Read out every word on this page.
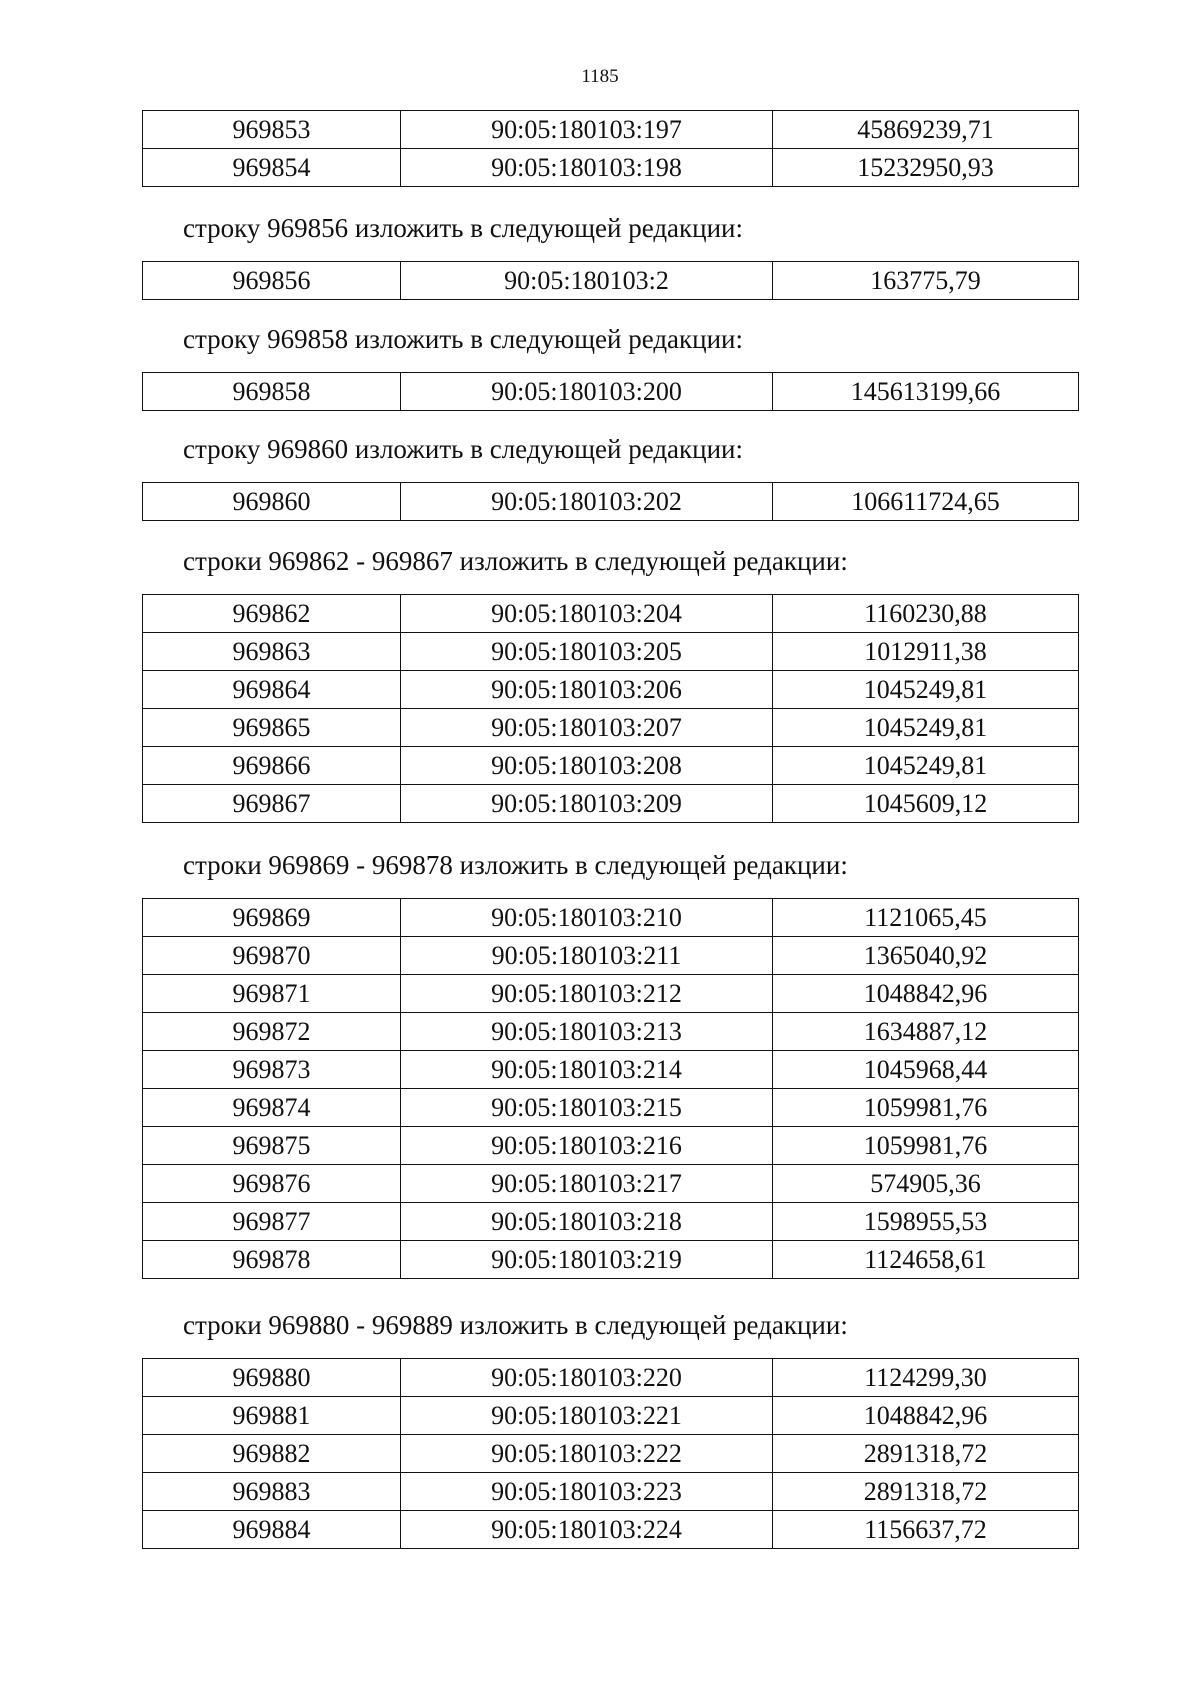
1185
969853	90:05:180103:197	45869239,71
969854	90:05:180103:198	15232950,93
строку 969856 изложить в следующей редакции:
969856	90:05:180103:2	163775,79
строку 969858 изложить в следующей редакции:
969858	90:05:180103:200	145613199,66
строку 969860 изложить в следующей редакции:
969860	90:05:180103:202	106611724,65
строки 969862 - 969867 изложить в следующей редакции:
969862	90:05:180103:204	1160230,88
969863	90:05:180103:205	1012911,38
969864	90:05:180103:206	1045249,81
969865	90:05:180103:207	1045249,81
969866	90:05:180103:208	1045249,81
969867	90:05:180103:209	1045609,12
строки 969869 - 969878 изложить в следующей редакции:
969869	90:05:180103:210	1121065,45
969870	90:05:180103:211	1365040,92
969871	90:05:180103:212	1048842,96
969872	90:05:180103:213	1634887,12
969873	90:05:180103:214	1045968,44
969874	90:05:180103:215	1059981,76
969875	90:05:180103:216	1059981,76
969876	90:05:180103:217	574905,36
969877	90:05:180103:218	1598955,53
969878	90:05:180103:219	1124658,61
строки 969880 - 969889 изложить в следующей редакции:
969880	90:05:180103:220	1124299,30
969881	90:05:180103:221	1048842,96
969882	90:05:180103:222	2891318,72
969883	90:05:180103:223	2891318,72
969884	90:05:180103:224	1156637,72
